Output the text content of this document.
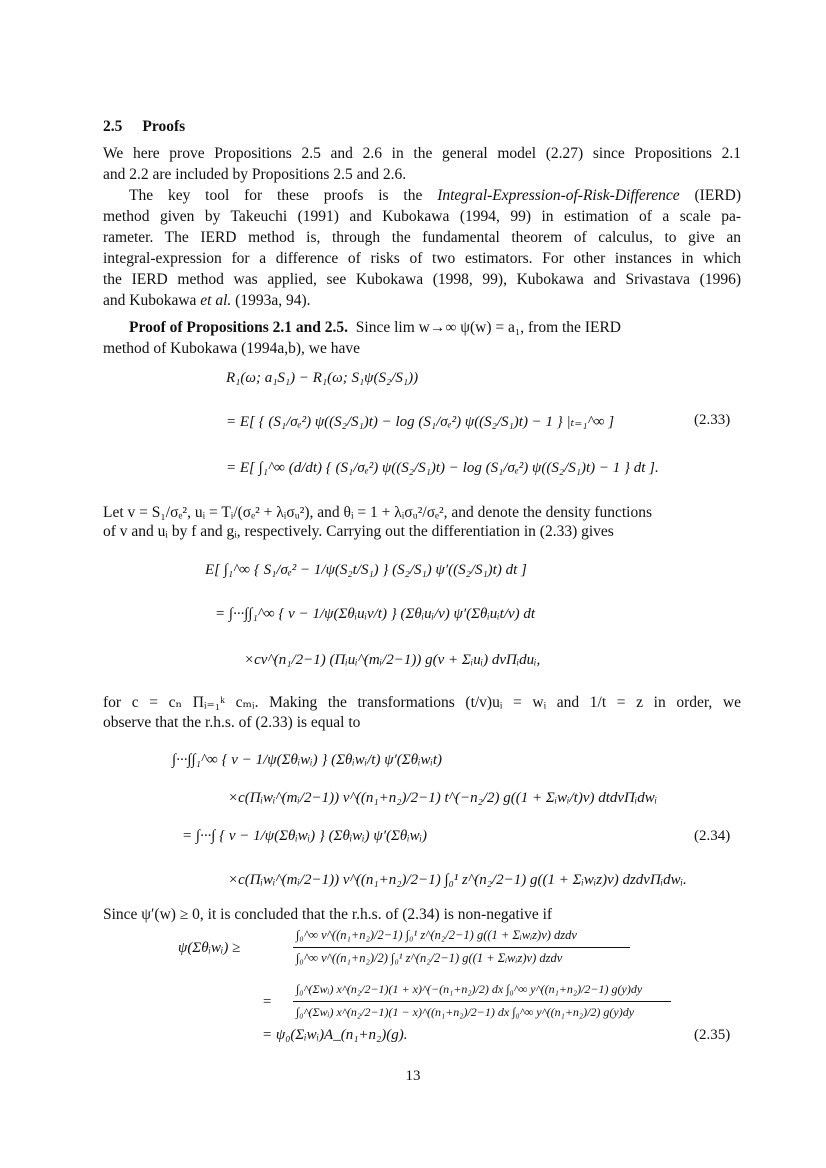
2.5 Proofs
We here prove Propositions 2.5 and 2.6 in the general model (2.27) since Propositions 2.1
and 2.2 are included by Propositions 2.5 and 2.6.
The key tool for these proofs is the Integral-Expression-of-Risk-Difference (IERD)
method given by Takeuchi (1991) and Kubokawa (1994, 99) in estimation of a scale pa-
rameter. The IERD method is, through the fundamental theorem of calculus, to give an
integral-expression for a difference of risks of two estimators. For other instances in which
the IERD method was applied, see Kubokawa (1998, 99), Kubokawa and Srivastava (1996)
and Kubokawa et al. (1993a, 94).
Proof of Propositions 2.1 and 2.5. Since lim w→∞ ψ(w) = a₁, from the IERD
method of Kubokawa (1994a,b), we have
R₁(ω; a₁S₁) − R₁(ω; S₁ψ(S₂/S₁))
= E[ { (S₁/σₑ²) ψ((S₂/S₁)t) − log (S₁/σₑ²) ψ((S₂/S₁)t) − 1 } |ₜ₌₁^∞ ]	(2.33)
= E[ ∫₁^∞ (d/dt) { (S₁/σₑ²) ψ((S₂/S₁)t) − log (S₁/σₑ²) ψ((S₂/S₁)t) − 1 } dt ].
Let v = S₁/σₑ², uᵢ = Tᵢ/(σₑ² + λᵢσᵤ²), and θᵢ = 1 + λᵢσᵤ²/σₑ², and denote the density functions
of v and uᵢ by f and gᵢ, respectively. Carrying out the differentiation in (2.33) gives
E[ ∫₁^∞ { S₁/σₑ² − 1/ψ(S₂t/S₁) } (S₂/S₁) ψ′((S₂/S₁)t) dt ]
= ∫···∫∫₁^∞ { v − 1/ψ(Σθᵢuᵢv/t) } (Σθᵢuᵢ/v) ψ′(Σθᵢuᵢt/v) dt
×cv^(n₁/2−1) (Πᵢuᵢ^(mᵢ/2−1)) g(v + Σᵢuᵢ) dvΠᵢduᵢ,
for c = cₙ Πᵢ₌₁ᵏ cₘᵢ. Making the transformations (t/v)uᵢ = wᵢ and 1/t = z in order, we
observe that the r.h.s. of (2.33) is equal to
∫···∫∫₁^∞ { v − 1/ψ(Σθᵢwᵢ) } (Σθᵢwᵢ/t) ψ′(Σθᵢwᵢt)
×c(Πᵢwᵢ^(mᵢ/2−1)) v^((n₁+n₂)/2−1) t^(−n₂/2) g((1 + Σᵢwᵢ/t)v) dtdvΠᵢdwᵢ
= ∫···∫ { v − 1/ψ(Σθᵢwᵢ) } (Σθᵢwᵢ) ψ′(Σθᵢwᵢ)	(2.34)
×c(Πᵢwᵢ^(mᵢ/2−1)) v^((n₁+n₂)/2−1) ∫₀¹ z^(n₂/2−1) g((1 + Σᵢwᵢz)v) dzdvΠᵢdwᵢ.
Since ψ′(w) ≥ 0, it is concluded that the r.h.s. of (2.34) is non-negative if
ψ(Σθᵢwᵢ) ≥
∫₀^∞ v^((n₁+n₂)/2−1) ∫₀¹ z^(n₂/2−1) g((1 + Σᵢwᵢz)v) dzdv
∫₀^∞ v^((n₁+n₂)/2) ∫₀¹ z^(n₂/2−1) g((1 + Σᵢwᵢz)v) dzdv
=
∫₀^(Σwᵢ) x^(n₂/2−1)(1 + x)^(−(n₁+n₂)/2) dx ∫₀^∞ y^((n₁+n₂)/2−1) g(y)dy
∫₀^(Σwᵢ) x^(n₂/2−1)(1 − x)^((n₁+n₂)/2−1) dx ∫₀^∞ y^((n₁+n₂)/2) g(y)dy
= ψ₀(Σᵢwᵢ)A_(n₁+n₂)(g).	(2.35)
13
